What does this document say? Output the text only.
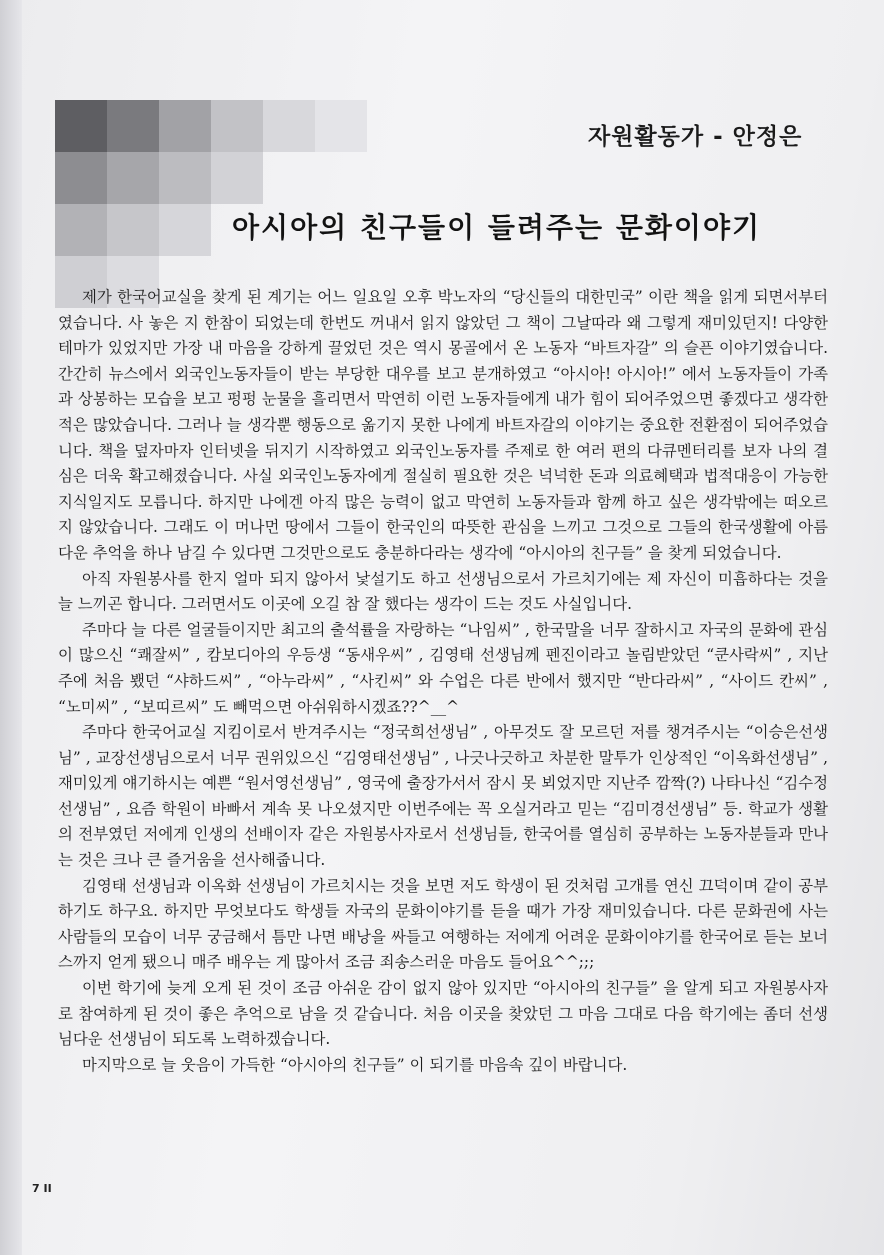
자원활동가 - 안정은
아시아의 친구들이 들려주는 문화이야기

제가 한국어교실을 찾게 된 계기는 어느 일요일 오후 박노자의 “당신들의 대한민국” 이란 책을 읽게 되면서부터 였습니다. 사 놓은 지 한참이 되었는데 한번도 꺼내서 읽지 않았던 그 책이 그날따라 왜 그렇게 재미있던지! 다양한 테마가 있었지만 가장 내 마음을 강하게 끌었던 것은 역시 몽골에서 온 노동자 “바트자갈” 의 슬픈 이야기였습니다. 간간히 뉴스에서 외국인노동자들이 받는 부당한 대우를 보고 분개하였고 “아시아! 아시아!” 에서 노동자들이 가족과 상봉하는 모습을 보고 펑펑 눈물을 흘리면서 막연히 이런 노동자들에게 내가 힘이 되어주었으면 좋겠다고 생각한 적은 많았습니다. 그러나 늘 생각뿐 행동으로 옮기지 못한 나에게 바트자갈의 이야기는 중요한 전환점이 되어주었습니다. 책을 덮자마자 인터넷을 뒤지기 시작하였고 외국인노동자를 주제로 한 여러 편의 다큐멘터리를 보자 나의 결심은 더욱 확고해졌습니다. 사실 외국인노동자에게 절실히 필요한 것은 넉넉한 돈과 의료혜택과 법적대응이 가능한 지식일지도 모릅니다. 하지만 나에겐 아직 많은 능력이 없고 막연히 노동자들과 함께 하고 싶은 생각밖에는 떠오르지 않았습니다. 그래도 이 머나먼 땅에서 그들이 한국인의 따뜻한 관심을 느끼고 그것으로 그들의 한국생활에 아름다운 추억을 하나 남길 수 있다면 그것만으로도 충분하다라는 생각에 “아시아의 친구들” 을 찾게 되었습니다.

아직 자원봉사를 한지 얼마 되지 않아서 낯설기도 하고 선생님으로서 가르치기에는 제 자신이 미흡하다는 것을 늘 느끼곤 합니다. 그러면서도 이곳에 오길 참 잘 했다는 생각이 드는 것도 사실입니다.

주마다 늘 다른 얼굴들이지만 최고의 출석률을 자랑하는 “나임씨” , 한국말을 너무 잘하시고 자국의 문화에 관심이 많으신 “쾌잘씨” , 캄보디아의 우등생 “동새우씨” , 김영태 선생님께 펜진이라고 놀림받았던 “쿤사락씨” , 지난 주에 처음 뵀던 “샤하드씨” , “아누라씨” , “사킨씨” 와 수업은 다른 반에서 했지만 “반다라씨” , “사이드 칸씨” , “노미씨” , “보띠르씨” 도 빼먹으면 아쉬워하시겠죠??^__^

주마다 한국어교실 지킴이로서 반겨주시는 “정국희선생님” , 아무것도 잘 모르던 저를 챙겨주시는 “이승은선생님” , 교장선생님으로서 너무 권위있으신 “김영태선생님” , 나긋나긋하고 차분한 말투가 인상적인 “이옥화선생님” , 재미있게 얘기하시는 예쁜 “원서영선생님” , 영국에 출장가서서 잠시 못 뵈었지만 지난주 깜짝(?) 나타나신 “김수정선생님” , 요즘 학원이 바빠서 계속 못 나오셨지만 이번주에는 꼭 오실거라고 믿는 “김미경선생님” 등. 학교가 생활의 전부였던 저에게 인생의 선배이자 같은 자원봉사자로서 선생님들, 한국어를 열심히 공부하는 노동자분들과 만나는 것은 크나 큰 즐거움을 선사해줍니다.

김영태 선생님과 이옥화 선생님이 가르치시는 것을 보면 저도 학생이 된 것처럼 고개를 연신 끄덕이며 같이 공부하기도 하구요. 하지만 무엇보다도 학생들 자국의 문화이야기를 듣을 때가 가장 재미있습니다. 다른 문화권에 사는 사람들의 모습이 너무 궁금해서 틈만 나면 배낭을 싸들고 여행하는 저에게 어려운 문화이야기를 한국어로 듣는 보너스까지 얻게 됐으니 매주 배우는 게 많아서 조금 죄송스러운 마음도 들어요^^;;;

이번 학기에 늦게 오게 된 것이 조금 아쉬운 감이 없지 않아 있지만 “아시아의 친구들” 을 알게 되고 자원봉사자로 참여하게 된 것이 좋은 추억으로 남을 것 같습니다. 처음 이곳을 찾았던 그 마음 그대로 다음 학기에는 좀더 선생님다운 선생님이 되도록 노력하겠습니다.

마지막으로 늘 웃음이 가득한 “아시아의 친구들” 이 되기를 마음속 깊이 바랍니다.

7 II
